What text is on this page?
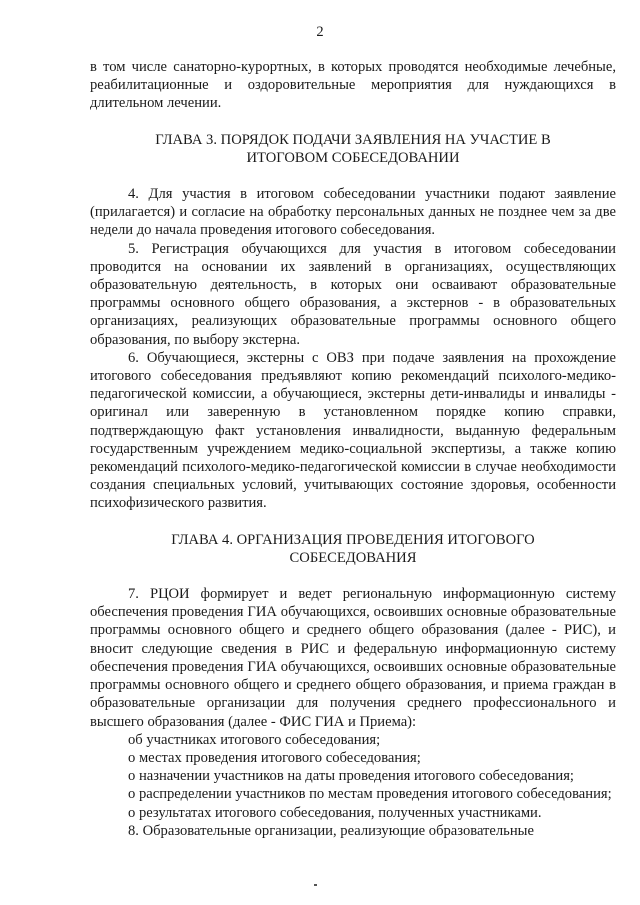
2

в том числе санаторно-курортных, в которых проводятся необходимые лечебные, реабилитационные и оздоровительные мероприятия для нуждающихся в длительном лечении.

ГЛАВА 3. ПОРЯДОК ПОДАЧИ ЗАЯВЛЕНИЯ НА УЧАСТИЕ В

ИТОГОВОМ СОБЕСЕДОВАНИИ

4. Для участия в итоговом собеседовании участники подают заявление (прилагается) и согласие на обработку персональных данных не позднее чем за две недели до начала проведения итогового собеседования.

5. Регистрация обучающихся для участия в итоговом собеседовании проводится на основании их заявлений в организациях, осуществляющих образовательную деятельность, в которых они осваивают образовательные программы основного общего образования, а экстернов - в образовательных организациях, реализующих образовательные программы основного общего образования, по выбору экстерна.

6. Обучающиеся, экстерны с ОВЗ при подаче заявления на прохождение итогового собеседования предъявляют копию рекомендаций психолого-медико-педагогической комиссии, а обучающиеся, экстерны дети-инвалиды и инвалиды - оригинал или заверенную в установленном порядке копию справки, подтверждающую факт установления инвалидности, выданную федеральным государственным учреждением медико-социальной экспертизы, а также копию рекомендаций психолого-медико-педагогической комиссии в случае необходимости создания специальных условий, учитывающих состояние здоровья, особенности психофизического развития.

ГЛАВА 4. ОРГАНИЗАЦИЯ ПРОВЕДЕНИЯ ИТОГОВОГО

СОБЕСЕДОВАНИЯ

7. РЦОИ формирует и ведет региональную информационную систему обеспечения проведения ГИА обучающихся, освоивших основные образовательные программы основного общего и среднего общего образования (далее - РИС), и вносит следующие сведения в РИС и федеральную информационную систему обеспечения проведения ГИА обучающихся, освоивших основные образовательные программы основного общего и среднего общего образования, и приема граждан в образовательные организации для получения среднего профессионального и высшего образования (далее - ФИС ГИА и Приема):

об участниках итогового собеседования;

о местах проведения итогового собеседования;

о назначении участников на даты проведения итогового собеседования;

о распределении участников по местам проведения итогового собеседования;

о результатах итогового собеседования, полученных участниками.

8. Образовательные организации, реализующие образовательные
